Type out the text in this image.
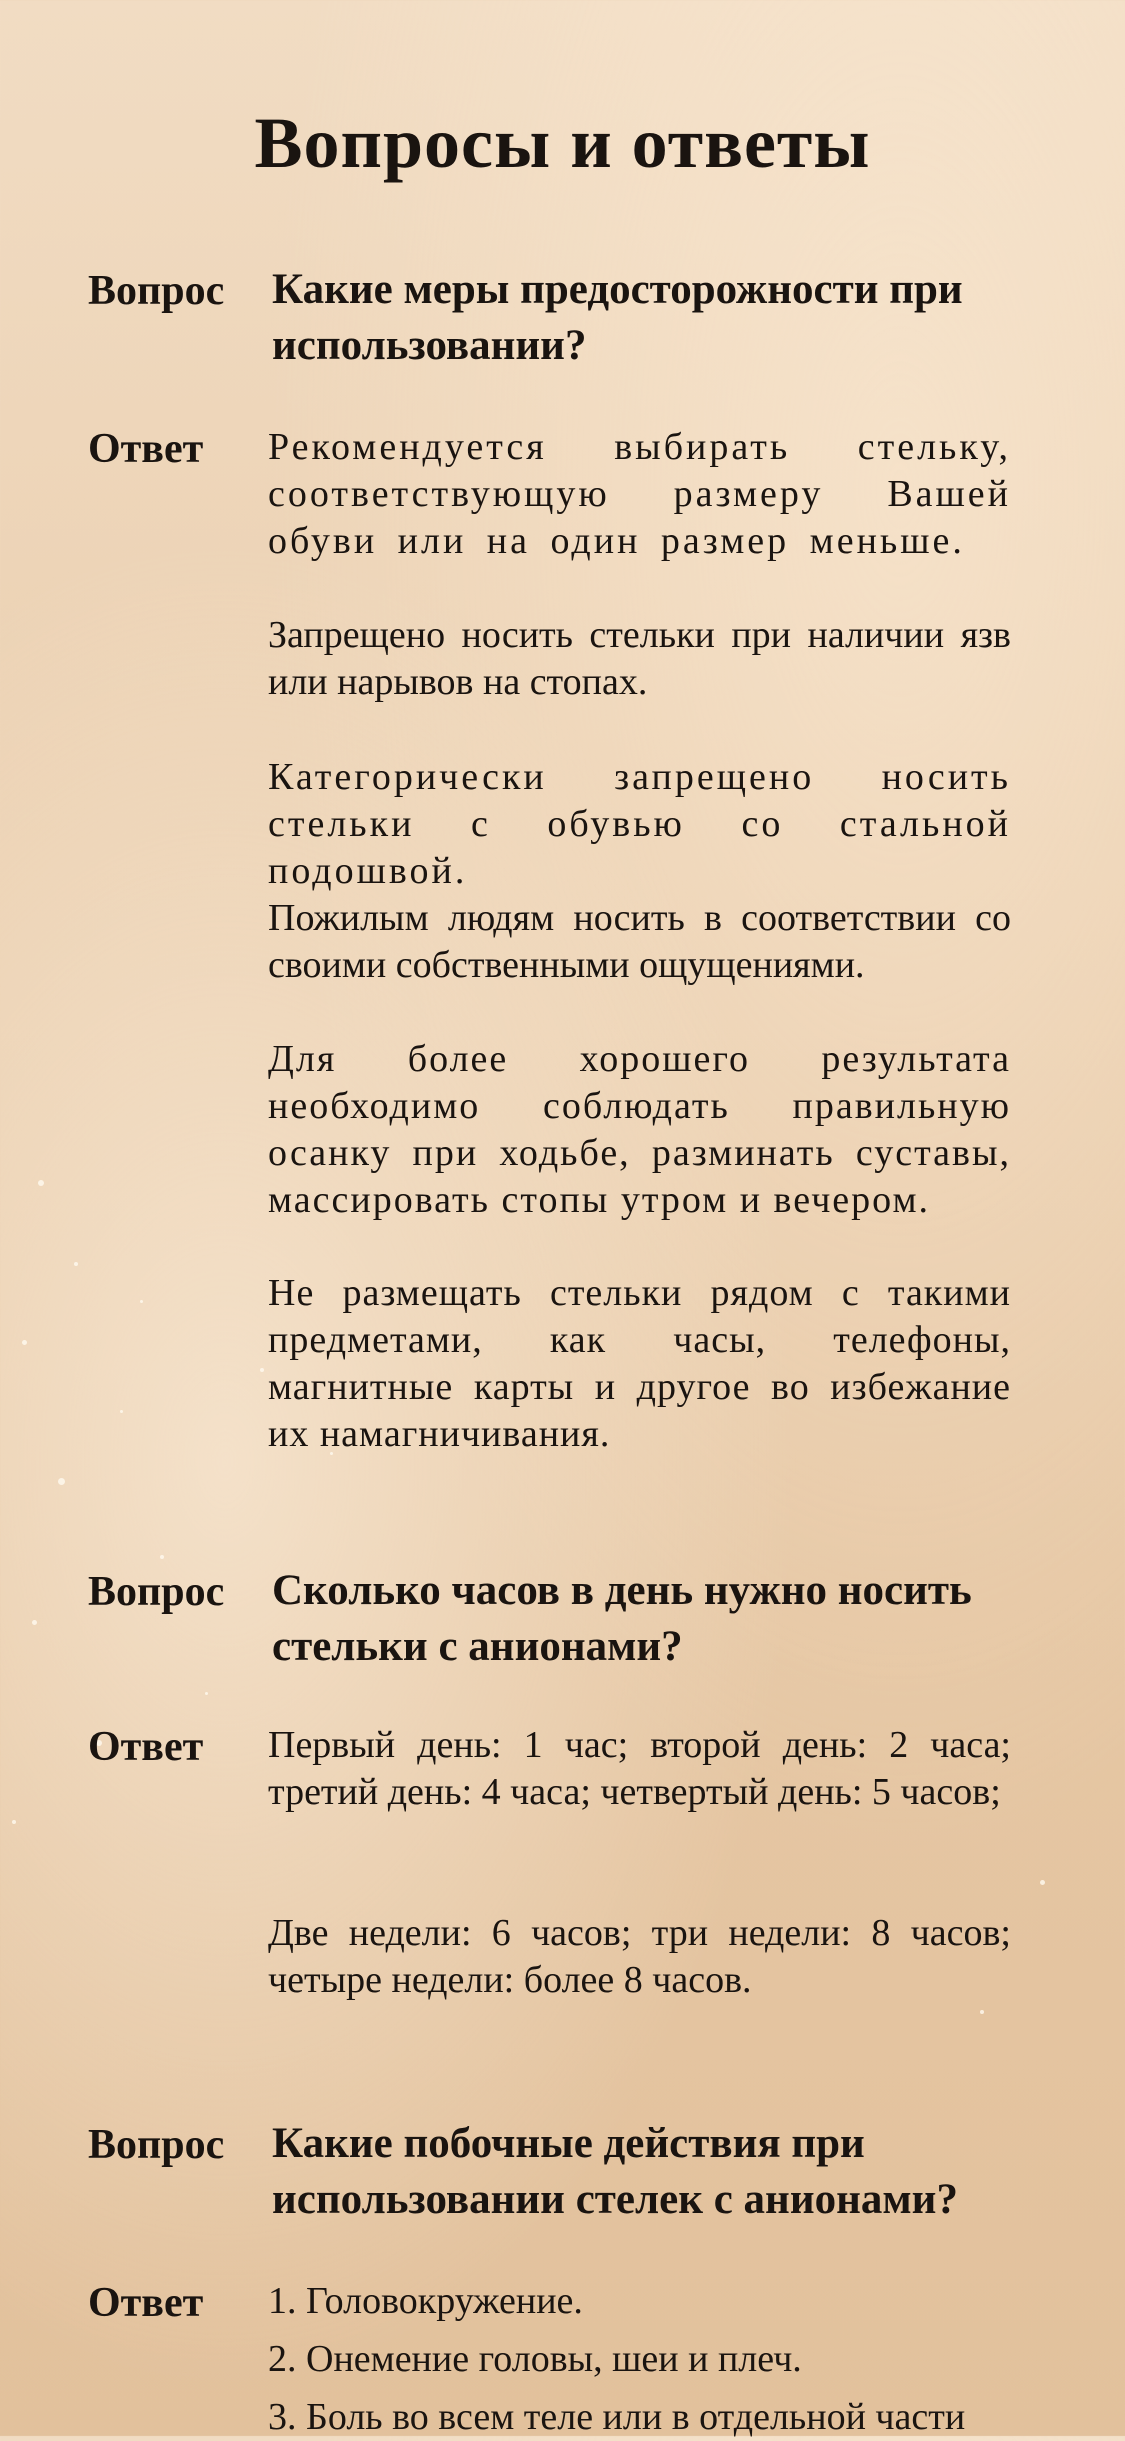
Вопросы и ответы
Вопрос Какие меры предосторожности при использовании?
Ответ Рекомендуется выбирать стельку, соответствующую размеру Вашей обуви или на один размер меньше.
Запрещено носить стельки при наличии язв или нарывов на стопах.
Категорически запрещено носить стельки с обувью со стальной подошвой.
Пожилым людям носить в соответствии со своими собственными ощущениями.
Для более хорошего результата необходимо соблюдать правильную осанку при ходьбе, разминать суставы, массировать стопы утром и вечером.
Не размещать стельки рядом с такими предметами, как часы, телефоны, магнитные карты и другое во избежание их намагничивания.
Вопрос Сколько часов в день нужно носить стельки с анионами?
Ответ Первый день: 1 час; второй день: 2 часа; третий день: 4 часа; четвертый день: 5 часов;
Две недели: 6 часов; три недели: 8 часов; четыре недели: более 8 часов.
Вопрос Какие побочные действия при использовании стелек с анионами?
Ответ 1. Головокружение.
2. Онемение головы, шеи и плеч.
3. Боль во всем теле или в отдельной части
